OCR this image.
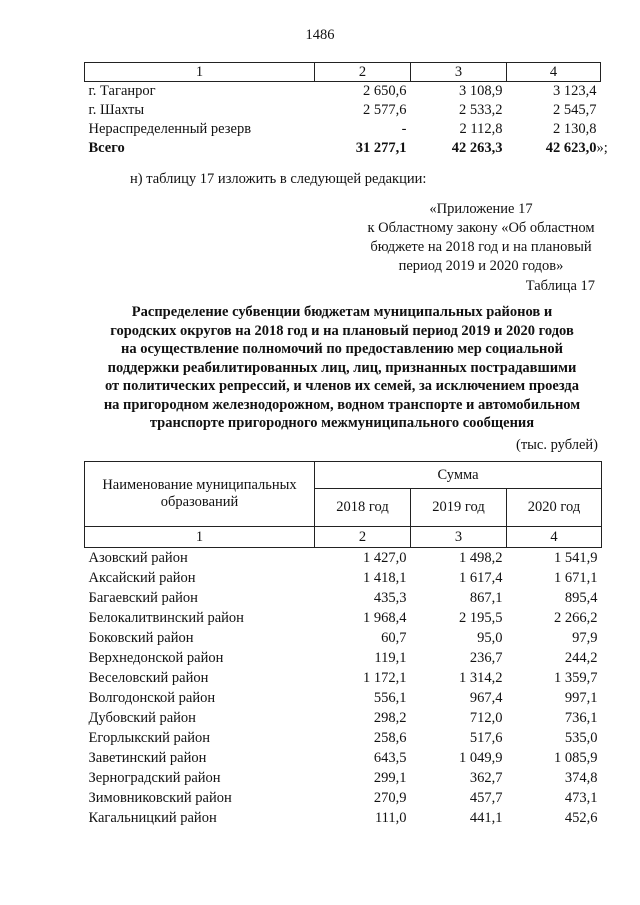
1486
1	2	3	4
г. Таганрог	2 650,6	3 108,9	3 123,4
г. Шахты	2 577,6	2 533,2	2 545,7
Нераспределенный резерв	-	2 112,8	2 130,8
Всего	31 277,1	42 263,3	42 623,0 »;
н) таблицу 17 изложить в следующей редакции:
«Приложение 17
к Областному закону «Об областном
бюджете на 2018 год и на плановый
период 2019 и 2020 годов»
Таблица 17
Распределение субвенции бюджетам муниципальных районов и
городских округов на 2018 год и на плановый период 2019 и 2020 годов
на осуществление полномочий по предоставлению мер социальной
поддержки реабилитированных лиц, лиц, признанных пострадавшими
от политических репрессий, и членов их семей, за исключением проезда
на пригородном железнодорожном, водном транспорте и автомобильном
транспорте пригородного межмуниципального сообщения
(тыс. рублей)
Наименование муниципальных образований	Сумма		
	2018 год	2019 год	2020 год
1	2	3	4
Азовский район	1 427,0	1 498,2	1 541,9
Аксайский район	1 418,1	1 617,4	1 671,1
Багаевский район	435,3	867,1	895,4
Белокалитвинский район	1 968,4	2 195,5	2 266,2
Боковский район	60,7	95,0	97,9
Верхнедонской район	119,1	236,7	244,2
Веселовский район	1 172,1	1 314,2	1 359,7
Волгодонской район	556,1	967,4	997,1
Дубовский район	298,2	712,0	736,1
Егорлыкский район	258,6	517,6	535,0
Заветинский район	643,5	1 049,9	1 085,9
Зерноградский район	299,1	362,7	374,8
Зимовниковский район	270,9	457,7	473,1
Кагальницкий район	111,0	441,1	452,6
